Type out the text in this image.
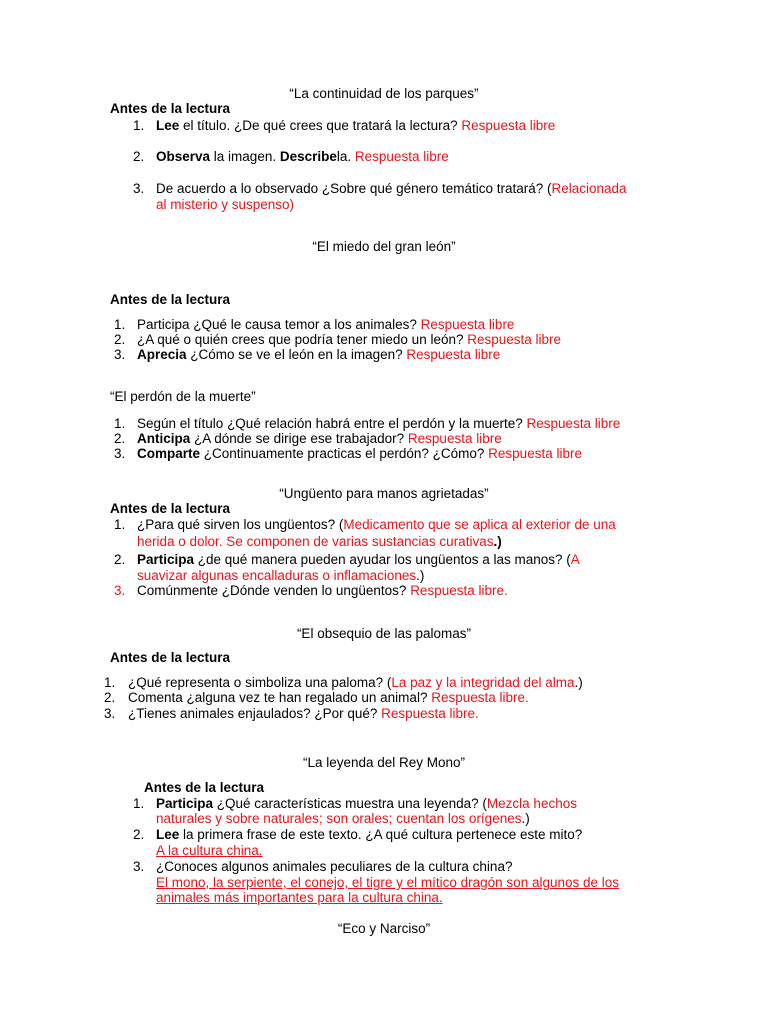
“La continuidad de los parques”
Antes de la lectura
1. Lee el título. ¿De qué crees que tratará la lectura? Respuesta libre
2. Observa la imagen. Describela. Respuesta libre
3. De acuerdo a lo observado ¿Sobre qué género temático tratará? (Relacionada
al misterio y suspenso)
“El miedo del gran león”
Antes de la lectura
1. Participa ¿Qué le causa temor a los animales? Respuesta libre
2. ¿A qué o quién crees que podría tener miedo un león? Respuesta libre
3. Aprecia ¿Cómo se ve el león en la imagen? Respuesta libre
“El perdón de la muerte”
1. Según el título ¿Qué relación habrá entre el perdón y la muerte? Respuesta libre
2. Anticipa ¿A dónde se dirige ese trabajador? Respuesta libre
3. Comparte ¿Continuamente practicas el perdón? ¿Cómo? Respuesta libre
“Ungüento para manos agrietadas”
Antes de la lectura
1. ¿Para qué sirven los ungüentos? (Medicamento que se aplica al exterior de una
herida o dolor. Se componen de varias sustancias curativas.)
2. Participa ¿de qué manera pueden ayudar los ungüentos a las manos? (A
suavizar algunas encalladuras o inflamaciones.)
3. Comúnmente ¿Dónde venden lo ungüentos? Respuesta libre.
“El obsequio de las palomas”
Antes de la lectura
1. ¿Qué representa o simboliza una paloma? (La paz y la integridad del alma.)
2. Comenta ¿alguna vez te han regalado un animal? Respuesta libre.
3. ¿Tienes animales enjaulados? ¿Por qué? Respuesta libre.
“La leyenda del Rey Mono”
Antes de la lectura
1. Participa ¿Qué características muestra una leyenda? (Mezcla hechos
naturales y sobre naturales; son orales; cuentan los orígenes.)
2. Lee la primera frase de este texto. ¿A qué cultura pertenece este mito?
A la cultura china.
3. ¿Conoces algunos animales peculiares de la cultura china?
El mono, la serpiente, el conejo, el tigre y el mítico dragón son algunos de los
animales más importantes para la cultura china.
“Eco y Narciso”
